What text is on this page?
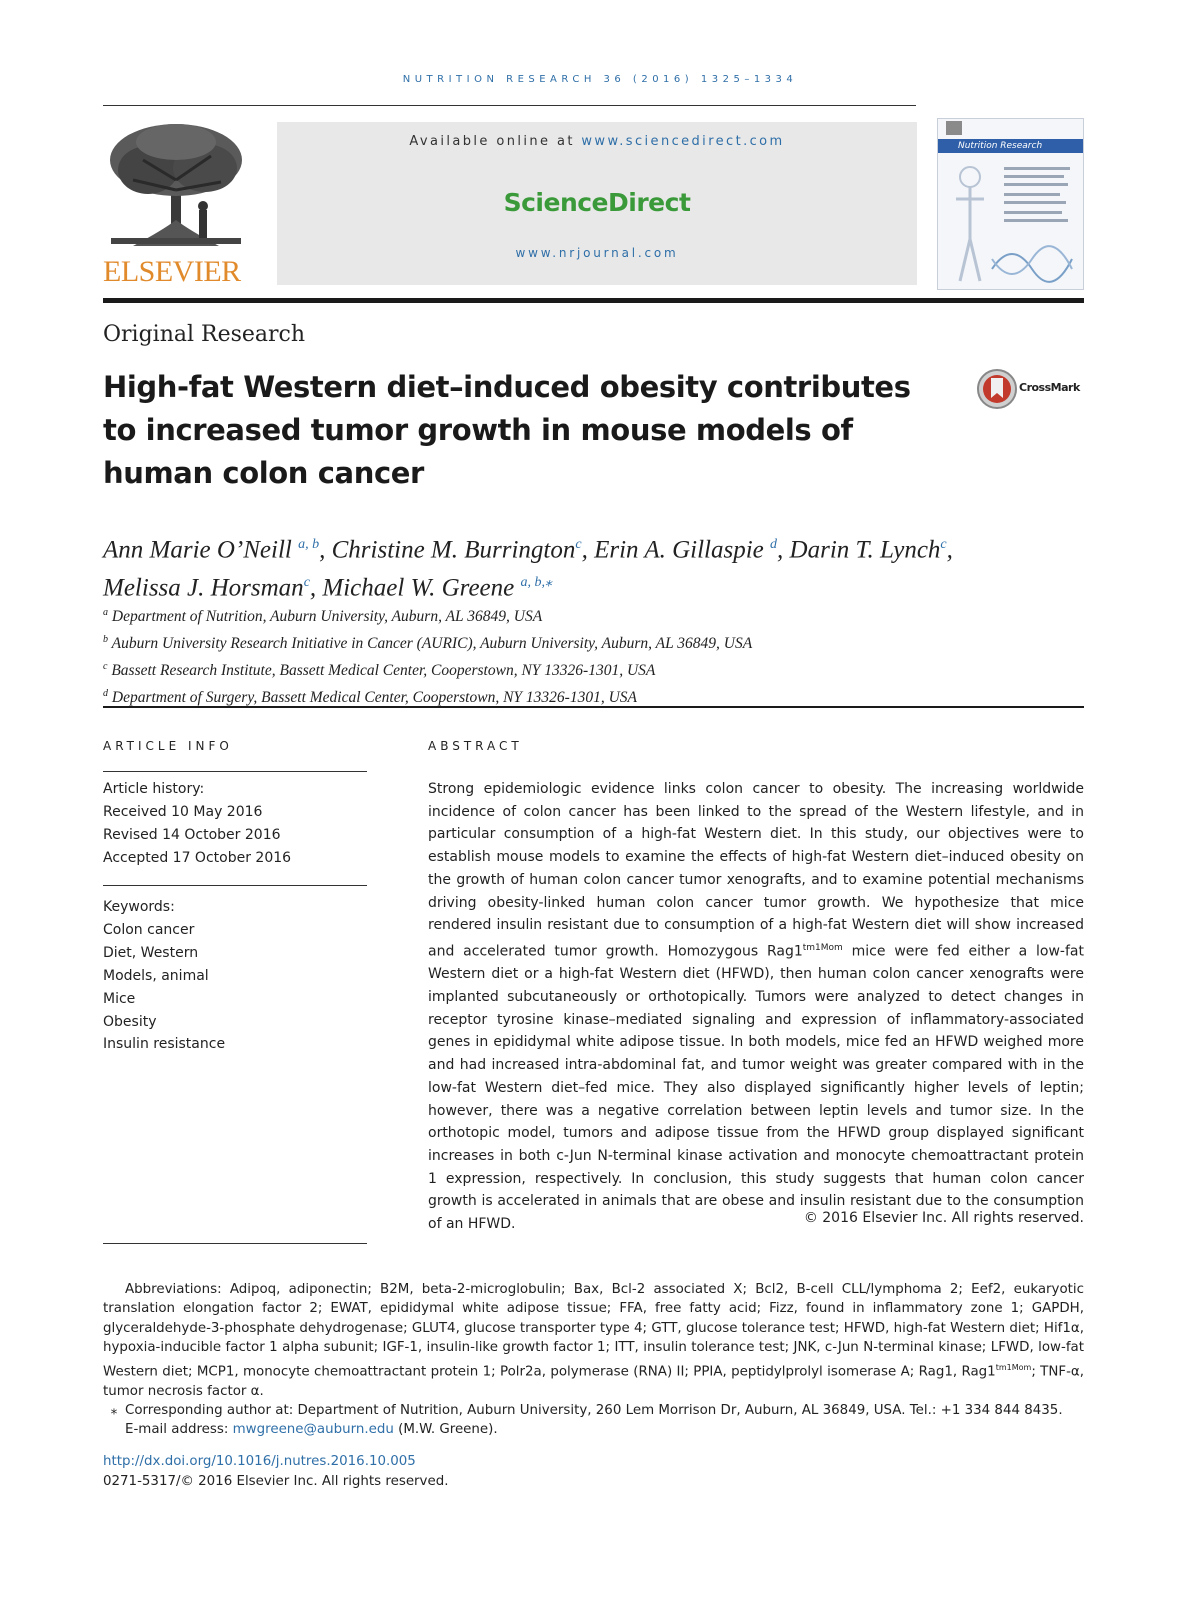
NUTRITION RESEARCH 36 (2016) 1325–1334
ELSEVIER
Available online at www.sciencedirect.com
ScienceDirect
www.nrjournal.com
Nutrition Research
Original Research
High-fat Western diet–induced obesity contributes
to increased tumor growth in mouse models of
human colon cancer
CrossMark
Ann Marie O’Neill $^{a, b}$, Christine M. Burrington$^c$, Erin A. Gillaspie $^d$, Darin T. Lynch$^c$,
Melissa J. Horsman$^c$, Michael W. Greene $^{a, b,⁎}$
$^a$ Department of Nutrition, Auburn University, Auburn, AL 36849, USA
$^b$ Auburn University Research Initiative in Cancer (AURIC), Auburn University, Auburn, AL 36849, USA
$^c$ Bassett Research Institute, Bassett Medical Center, Cooperstown, NY 13326-1301, USA
$^d$ Department of Surgery, Bassett Medical Center, Cooperstown, NY 13326-1301, USA
ARTICLE INFO
Article history:
Received 10 May 2016
Revised 14 October 2016
Accepted 17 October 2016
Keywords:
Colon cancer
Diet, Western
Models, animal
Mice
Obesity
Insulin resistance
ABSTRACT
Strong epidemiologic evidence links colon cancer to obesity. The increasing worldwide incidence of colon cancer has been linked to the spread of the Western lifestyle, and in particular consumption of a high-fat Western diet. In this study, our objectives were to establish mouse models to examine the effects of high-fat Western diet–induced obesity on the growth of human colon cancer tumor xenografts, and to examine potential mechanisms driving obesity-linked human colon cancer tumor growth. We hypothesize that mice rendered insulin resistant due to consumption of a high-fat Western diet will show increased and accelerated tumor growth. Homozygous $Rag1^{tm1Mom}$ mice were fed either a low-fat Western diet or a high-fat Western diet (HFWD), then human colon cancer xenografts were implanted subcutaneously or orthotopically. Tumors were analyzed to detect changes in receptor tyrosine kinase–mediated signaling and expression of inflammatory-associated genes in epididymal white adipose tissue. In both models, mice fed an HFWD weighed more and had increased intra-abdominal fat, and tumor weight was greater compared with in the low-fat Western diet–fed mice. They also displayed significantly higher levels of leptin; however, there was a negative correlation between leptin levels and tumor size. In the orthotopic model, tumors and adipose tissue from the HFWD group displayed significant increases in both c-Jun N-terminal kinase activation and monocyte chemoattractant protein 1 expression, respectively. In conclusion, this study suggests that human colon cancer growth is accelerated in animals that are obese and insulin resistant due to the consumption of an HFWD.	© 2016 Elsevier Inc. All rights reserved.
Abbreviations: Adipoq, adiponectin; B2M, beta-2-microglobulin; Bax, Bcl-2 associated X; Bcl2, B-cell CLL/lymphoma 2; Eef2, eukaryotic translation elongation factor 2; EWAT, epididymal white adipose tissue; FFA, free fatty acid; Fizz, found in inflammatory zone 1; GAPDH, glyceraldehyde-3-phosphate dehydrogenase; GLUT4, glucose transporter type 4; GTT, glucose tolerance test; HFWD, high-fat Western diet; Hif1α, hypoxia-inducible factor 1 alpha subunit; IGF-1, insulin-like growth factor 1; ITT, insulin tolerance test; JNK, c-Jun N-terminal kinase; LFWD, low-fat Western diet; MCP1, monocyte chemoattractant protein 1; Polr2a, polymerase (RNA) II; PPIA, peptidylprolyl isomerase A; Rag1, $Rag1^{tm1Mom}$; TNF-α, tumor necrosis factor α.
⁎ Corresponding author at: Department of Nutrition, Auburn University, 260 Lem Morrison Dr, Auburn, AL 36849, USA. Tel.: +1 334 844 8435.
E-mail address: mwgreene@auburn.edu (M.W. Greene).
http://dx.doi.org/10.1016/j.nutres.2016.10.005
0271-5317/© 2016 Elsevier Inc. All rights reserved.
